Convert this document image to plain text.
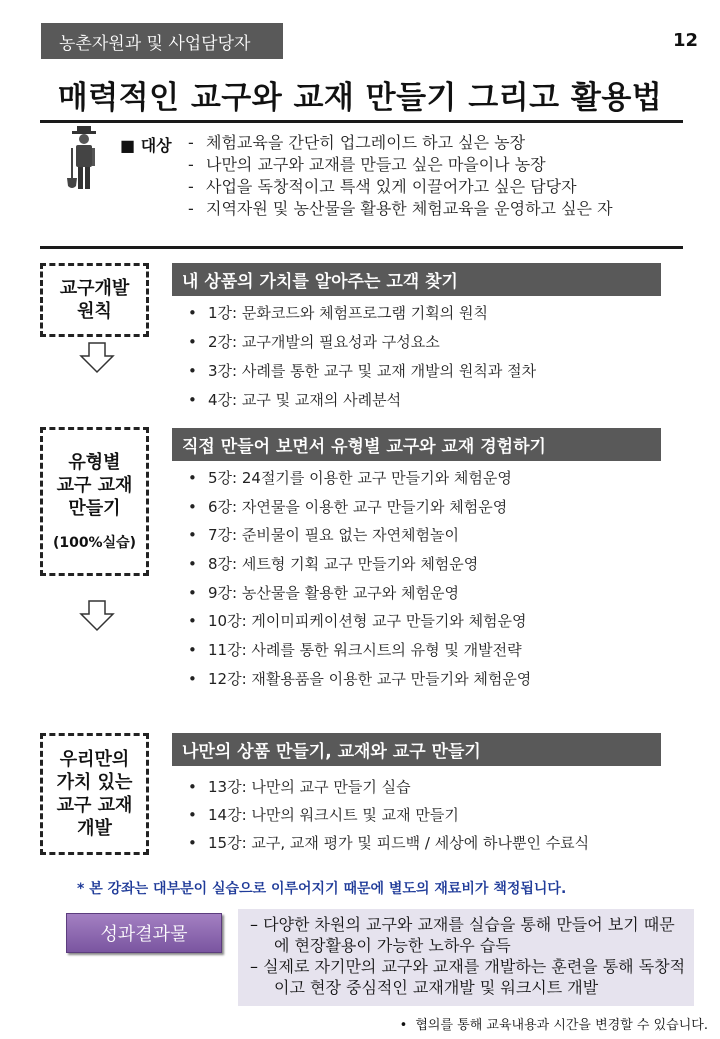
농촌자원과 및 사업담당자	12
매력적인 교구와 교재 만들기 그리고 활용법
■ 대상
-	체험교육을 간단히 업그레이드 하고 싶은 농장
- 나만의 교구와 교재를 만들고 싶은 마을이나 농장
- 사업을 독창적이고 특색 있게 이끌어가고 싶은 담당자
- 지역자원 및 농산물을 활용한 체험교육을 운영하고 싶은 자
교구개발
원칙
내 상품의 가치를 알아주는 고객 찾기
• 1강: 문화코드와 체험프로그램 기획의 원칙
• 2강: 교구개발의 필요성과 구성요소
• 3강: 사례를 통한 교구 및 교재 개발의 원칙과 절차
• 4강: 교구 및 교재의 사례분석
유형별
교구 교재
만들기
(100%실습)
직접 만들어 보면서 유형별 교구와 교재 경험하기
• 5강: 24절기를 이용한 교구 만들기와 체험운영
• 6강: 자연물을 이용한 교구 만들기와 체험운영
• 7강: 준비물이 필요 없는 자연체험놀이
• 8강: 세트형 기획 교구 만들기와 체험운영
• 9강: 농산물을 활용한 교구와 체험운영
• 10강: 게이미피케이션형 교구 만들기와 체험운영
• 11강: 사례를 통한 워크시트의 유형 및 개발전략
• 12강: 재활용품을 이용한 교구 만들기와 체험운영
우리만의
가치 있는
교구 교재
개발
나만의 상품 만들기, 교재와 교구 만들기
• 13강: 나만의 교구 만들기 실습
• 14강: 나만의 워크시트 및 교재 만들기
• 15강: 교구, 교재 평가 및 피드백 / 세상에 하나뿐인 수료식
* 본 강좌는 대부분이 실습으로 이루어지기 때문에 별도의 재료비가 책정됩니다.
성과결과물	– 다양한 차원의 교구와 교재를 실습을 통해 만들어 보기 때문에 현장활용이 가능한 노하우 습득

– 실제로 자기만의 교구와 교재를 개발하는 훈련을 통해 독창적이고 현장 중심적인 교재개발 및 워크시트 개발

• 협의를 통해 교육내용과 시간을 변경할 수 있습니다.
